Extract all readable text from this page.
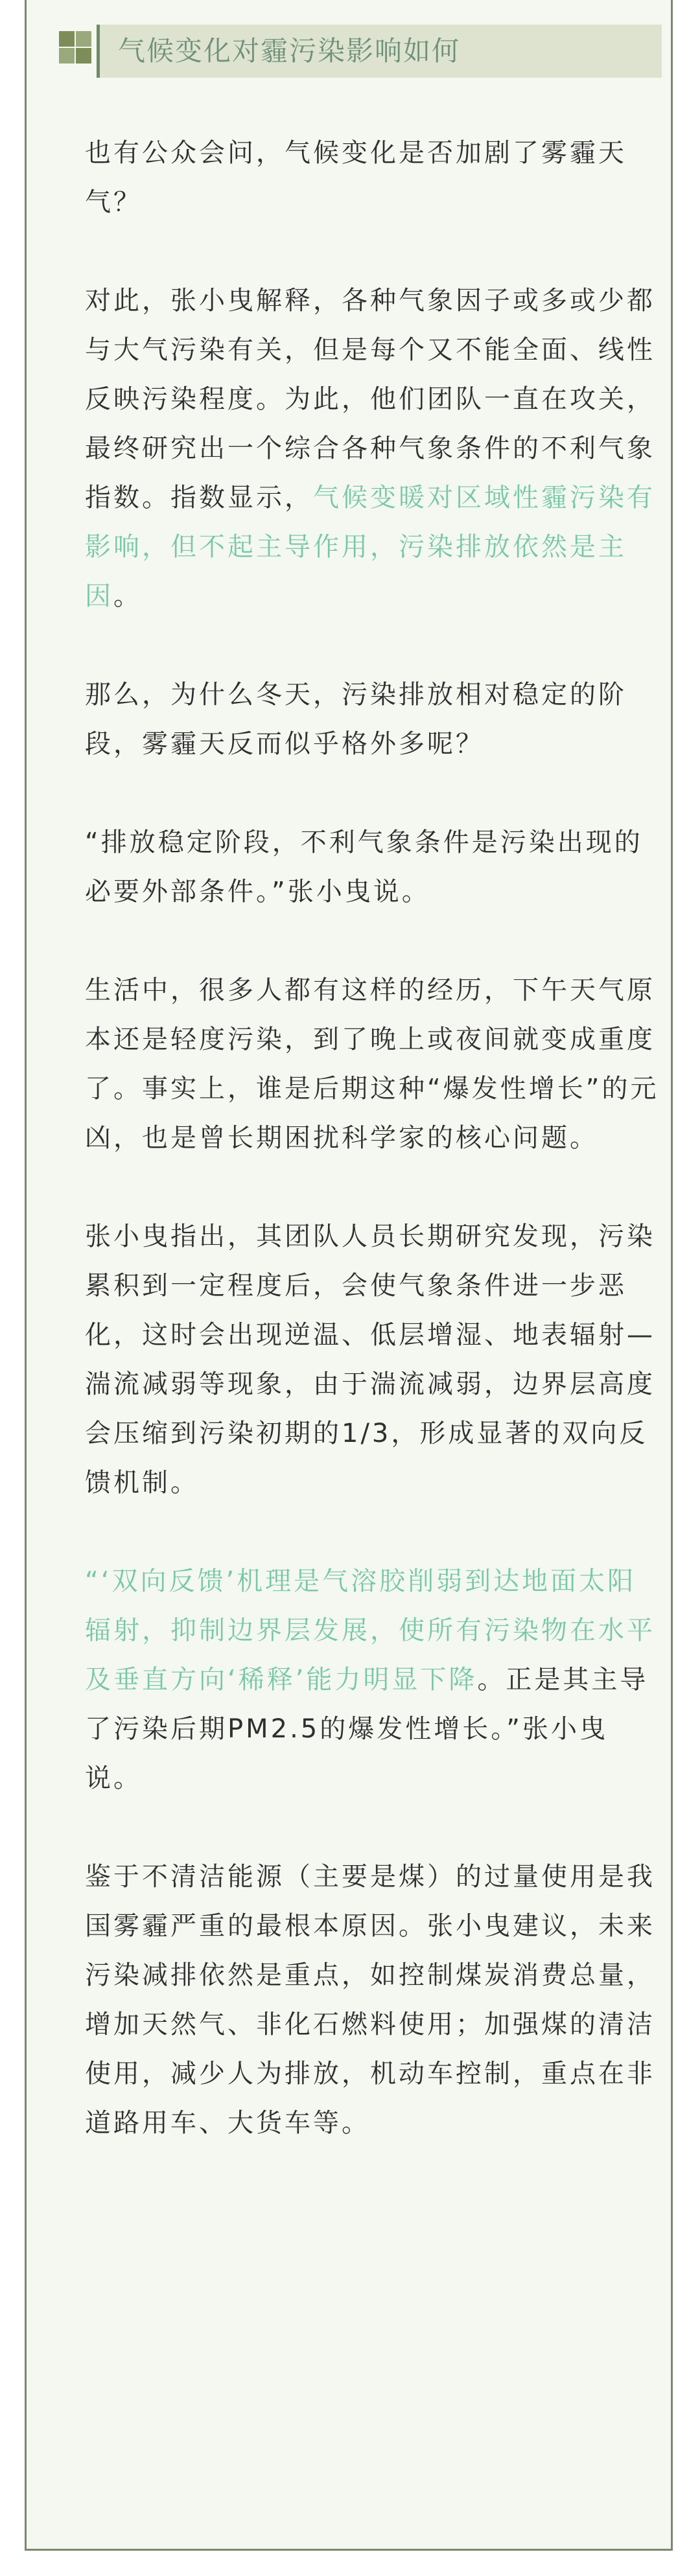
气候变化对霾污染影响如何

也有公众会问，气候变化是否加剧了雾霾天气？

对此，张小曳解释，各种气象因子或多或少都与大气污染有关，但是每个又不能全面、线性反映污染程度。为此，他们团队一直在攻关，最终研究出一个综合各种气象条件的不利气象指数。指数显示，气候变暖对区域性霾污染有影响，但不起主导作用，污染排放依然是主因。

那么，为什么冬天，污染排放相对稳定的阶段，雾霾天反而似乎格外多呢？

“排放稳定阶段，不利气象条件是污染出现的必要外部条件。”张小曳说。

生活中，很多人都有这样的经历，下午天气原本还是轻度污染，到了晚上或夜间就变成重度了。事实上，谁是后期这种“爆发性增长”的元凶，也是曾长期困扰科学家的核心问题。

张小曳指出，其团队人员长期研究发现，污染累积到一定程度后，会使气象条件进一步恶化，这时会出现逆温、低层增湿、地表辐射—湍流减弱等现象，由于湍流减弱，边界层高度会压缩到污染初期的1/3，形成显著的双向反馈机制。

“‘双向反馈’机理是气溶胶削弱到达地面太阳辐射，抑制边界层发展，使所有污染物在水平及垂直方向‘稀释’能力明显下降。正是其主导了污染后期PM2.5的爆发性增长。”张小曳说。

鉴于不清洁能源（主要是煤）的过量使用是我国雾霾严重的最根本原因。张小曳建议，未来污染减排依然是重点，如控制煤炭消费总量，增加天然气、非化石燃料使用；加强煤的清洁使用，减少人为排放，机动车控制，重点在非道路用车、大货车等。
